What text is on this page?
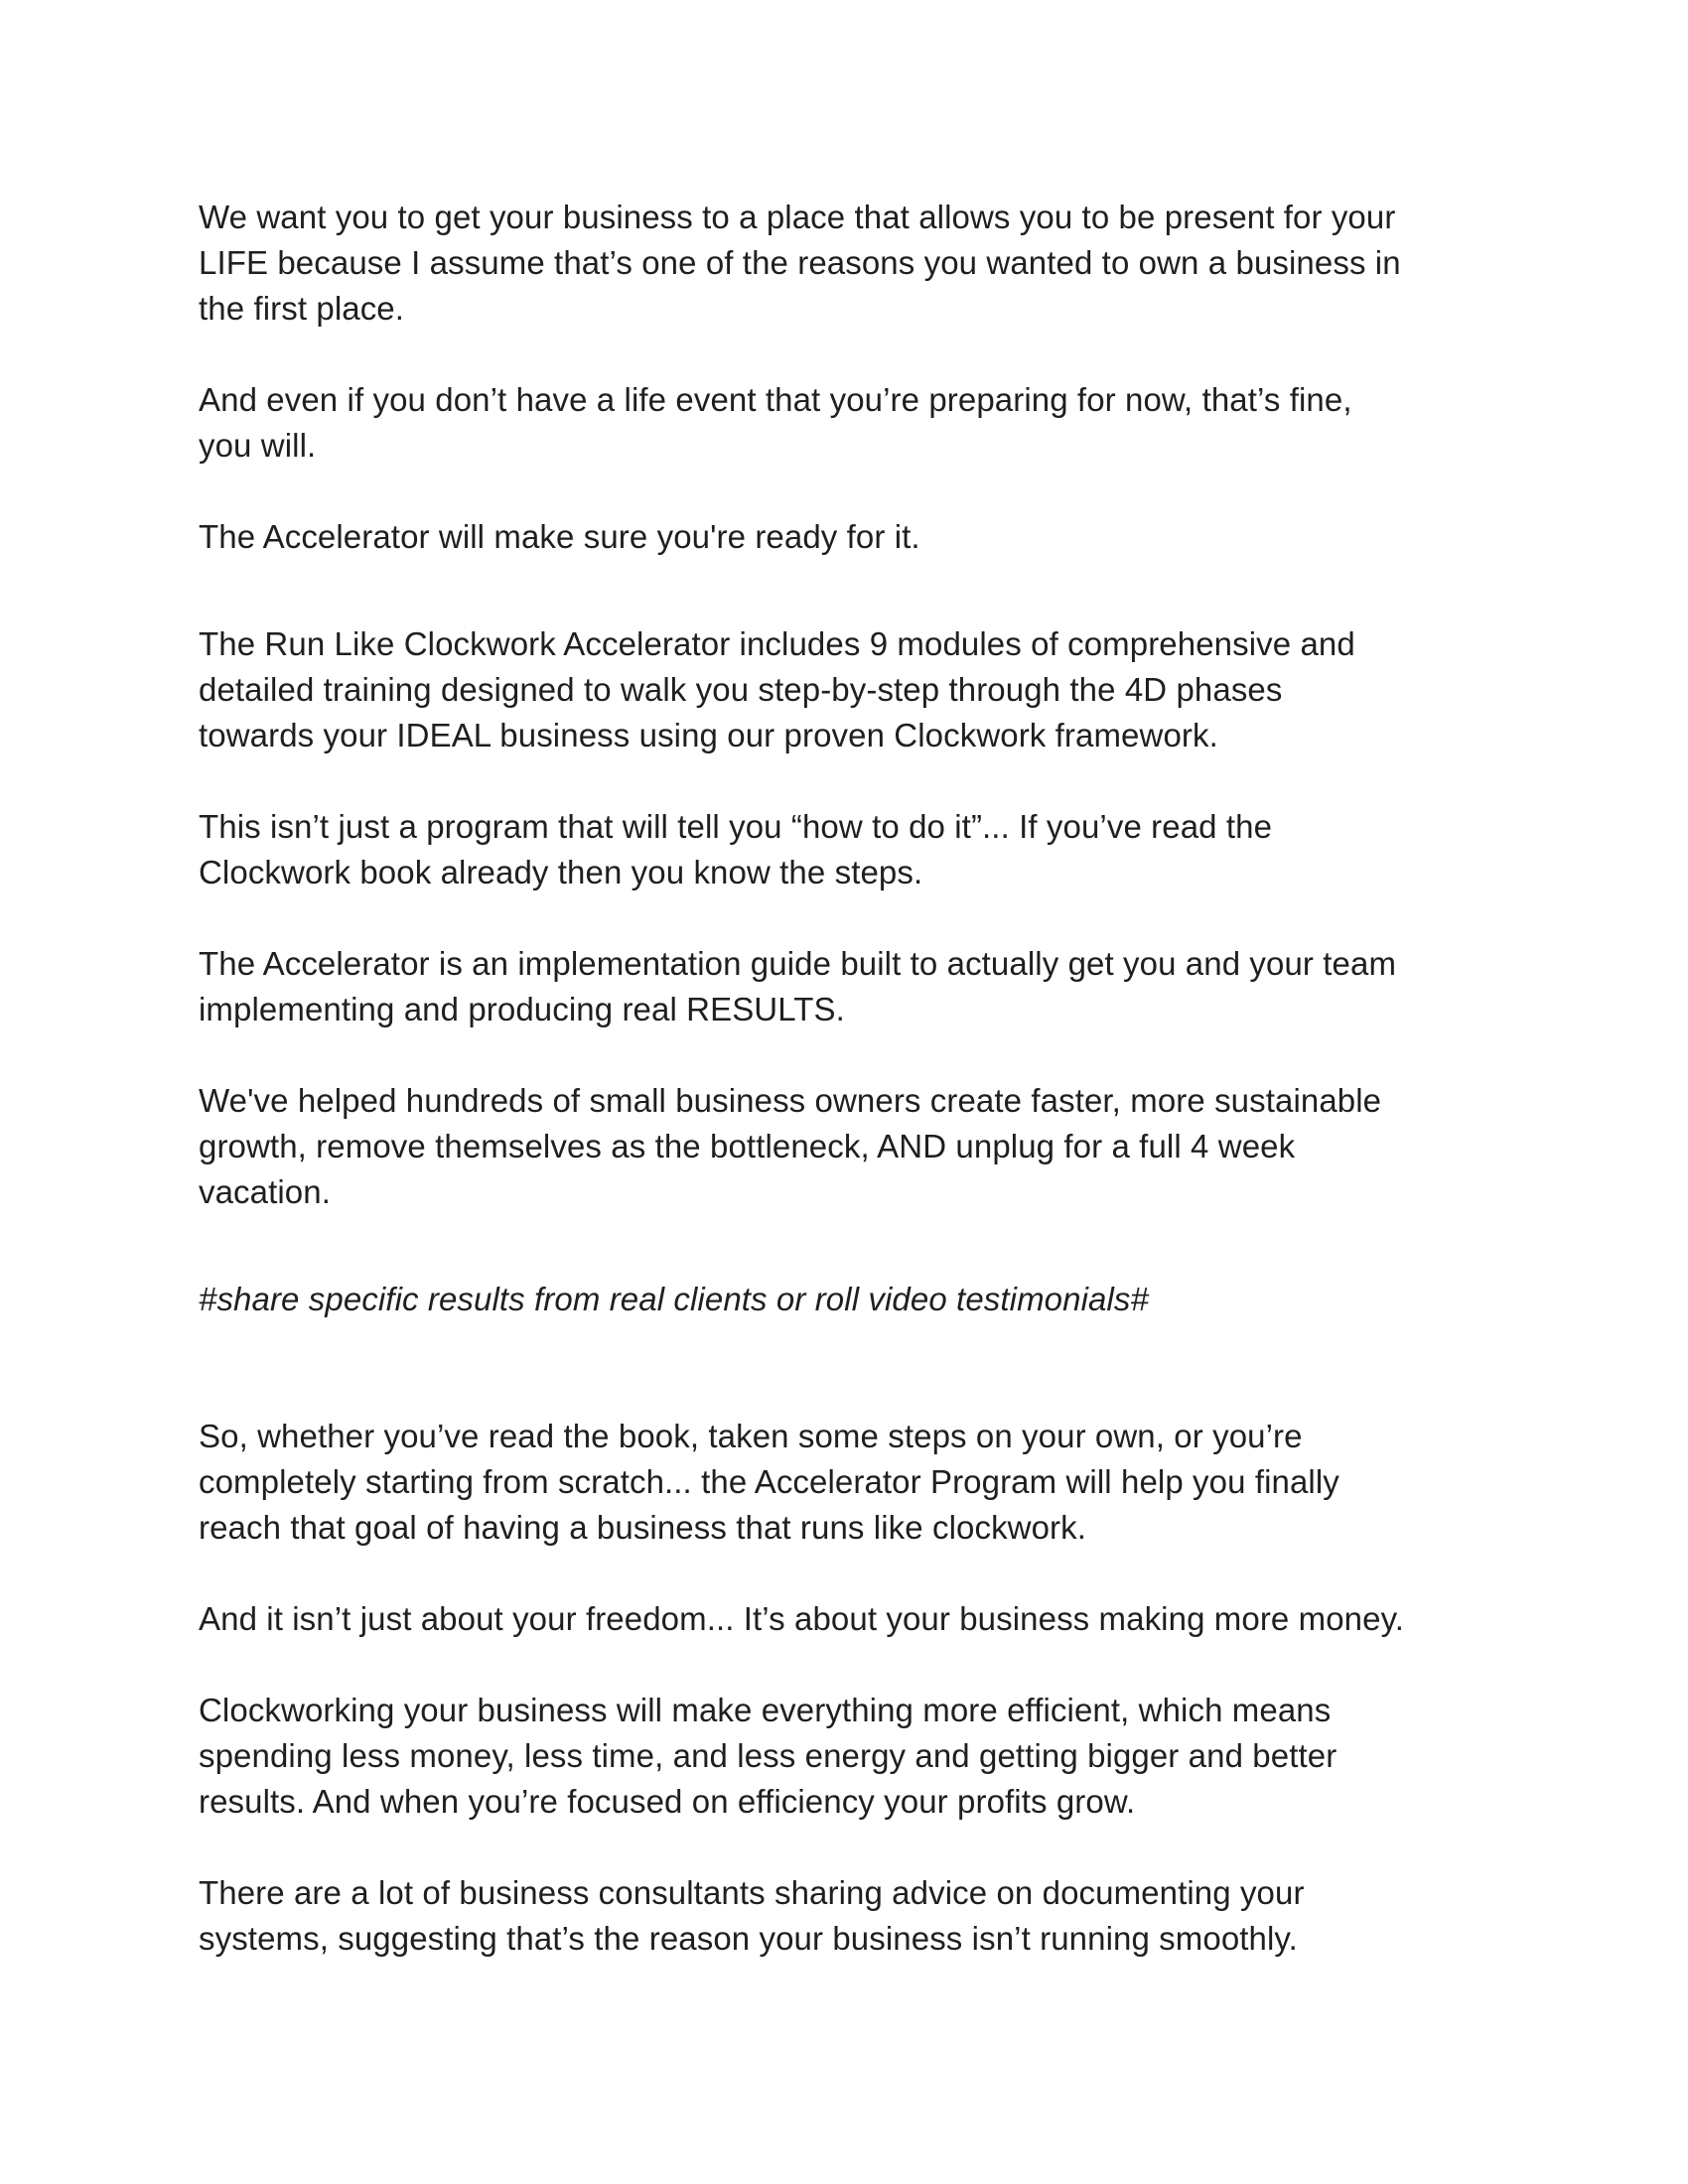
We want you to get your business to a place that allows you to be present for your
LIFE because I assume that’s one of the reasons you wanted to own a business in
the first place.

And even if you don’t have a life event that you’re preparing for now, that’s fine,
you will.

The Accelerator will make sure you're ready for it.

The Run Like Clockwork Accelerator includes 9 modules of comprehensive and
detailed training designed to walk you step-by-step through the 4D phases
towards your IDEAL business using our proven Clockwork framework.

This isn’t just a program that will tell you “how to do it”... If you’ve read the
Clockwork book already then you know the steps.

The Accelerator is an implementation guide built to actually get you and your team
implementing and producing real RESULTS.

We've helped hundreds of small business owners create faster, more sustainable
growth, remove themselves as the bottleneck, AND unplug for a full 4 week
vacation.

#share specific results from real clients or roll video testimonials#

So, whether you’ve read the book, taken some steps on your own, or you’re
completely starting from scratch... the Accelerator Program will help you finally
reach that goal of having a business that runs like clockwork.

And it isn’t just about your freedom... It’s about your business making more money.

Clockworking your business will make everything more efficient, which means
spending less money, less time, and less energy and getting bigger and better
results. And when you’re focused on efficiency your profits grow.

There are a lot of business consultants sharing advice on documenting your
systems, suggesting that’s the reason your business isn’t running smoothly.
